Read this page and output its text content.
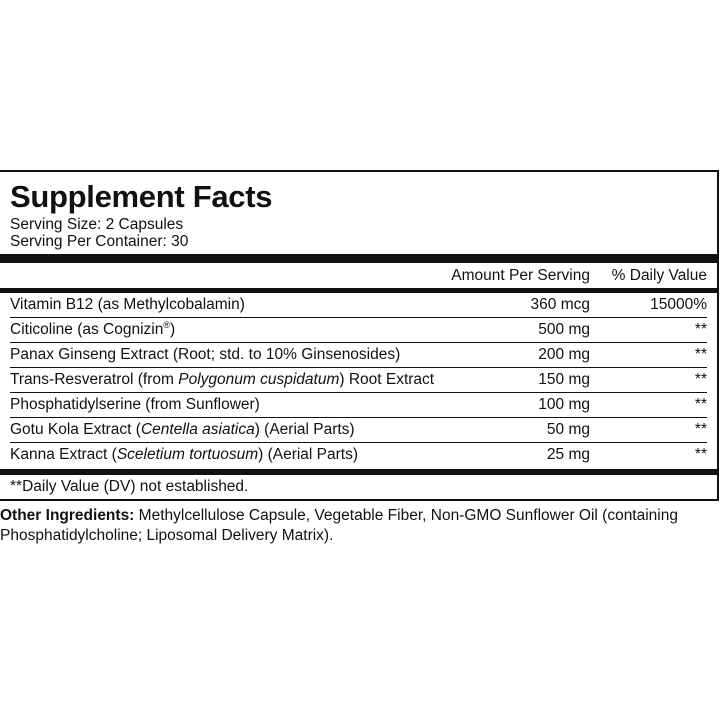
Supplement Facts
Serving Size: 2 Capsules
Serving Per Container: 30
Amount Per Serving	% Daily Value
Vitamin B12 (as Methylcobalamin)	360 mcg	15000%
Citicoline (as Cognizin®)	500 mg	**
Panax Ginseng Extract (Root; std. to 10% Ginsenosides)	200 mg	**
Trans-Resveratrol (from Polygonum cuspidatum) Root Extract	150 mg	**
Phosphatidylserine (from Sunflower)	100 mg	**
Gotu Kola Extract (Centella asiatica) (Aerial Parts)	50 mg	**
Kanna Extract (Sceletium tortuosum) (Aerial Parts)	25 mg	**
**Daily Value (DV) not established.
Other Ingredients: Methylcellulose Capsule, Vegetable Fiber, Non-GMO Sunflower Oil (containing Phosphatidylcholine; Liposomal Delivery Matrix).
